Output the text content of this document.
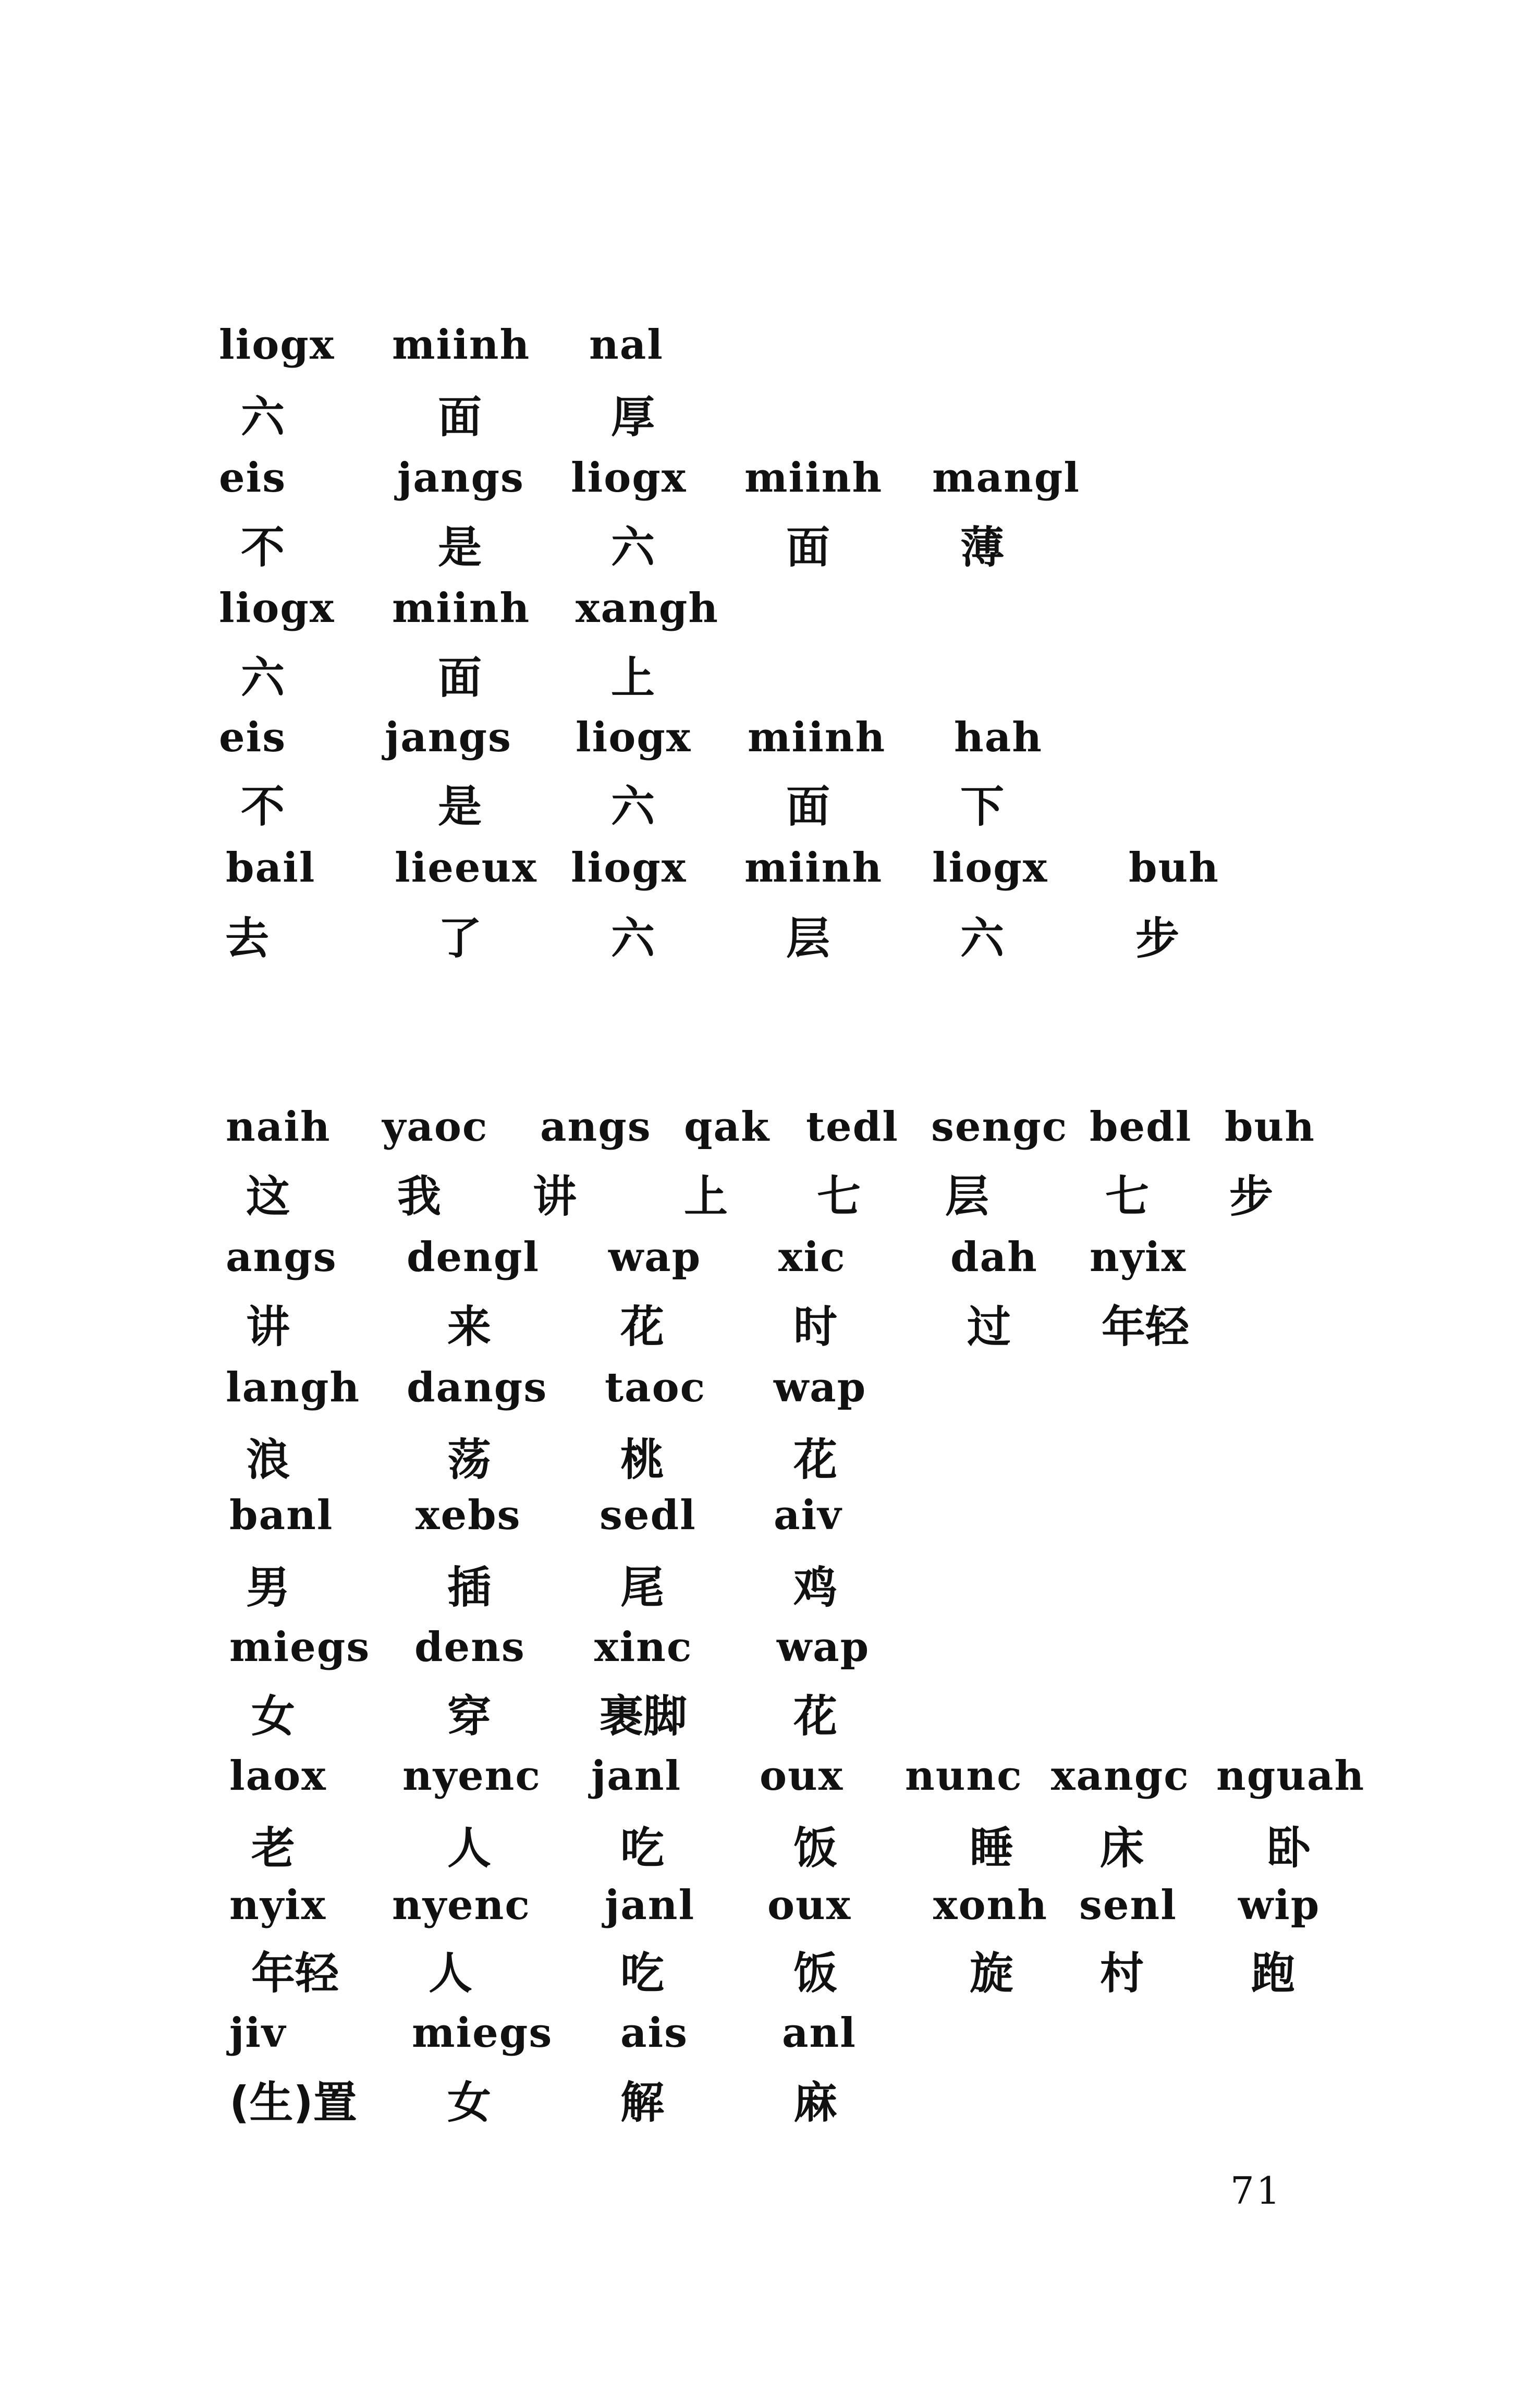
liogx miinh nal
六	面	厚
eis	jangs liogx miinh mangl
不	是	六	面	薄
liogx miinh xangh
六	面	上
eis jangs liogx miinh hah
不	是	六	面	下
bail lieeux liogx miinh liogx buh
去	了	六	层	六	步
naih yaoc angs qak tedl sengc bedl buh
这 我 讲 上 七 层	七 步
angs dengl wap xic	dah nyix
讲	来	花	时	过 年轻
langh dangs taoc wap
浪	荡	桃	花
banl xebs sedl aiv
男	插	尾	鸡
miegs dens xinc wap
女	穿 裹脚 花
laox nyenc janl oux nunc xangc nguah
老	人	吃	饭	睡 床	卧
nyix nyenc janl oux xonh senl wip
年轻 人	吃	饭	旋 村 跑
jiv	miegs ais anl
(生)置 女	解	麻
71
